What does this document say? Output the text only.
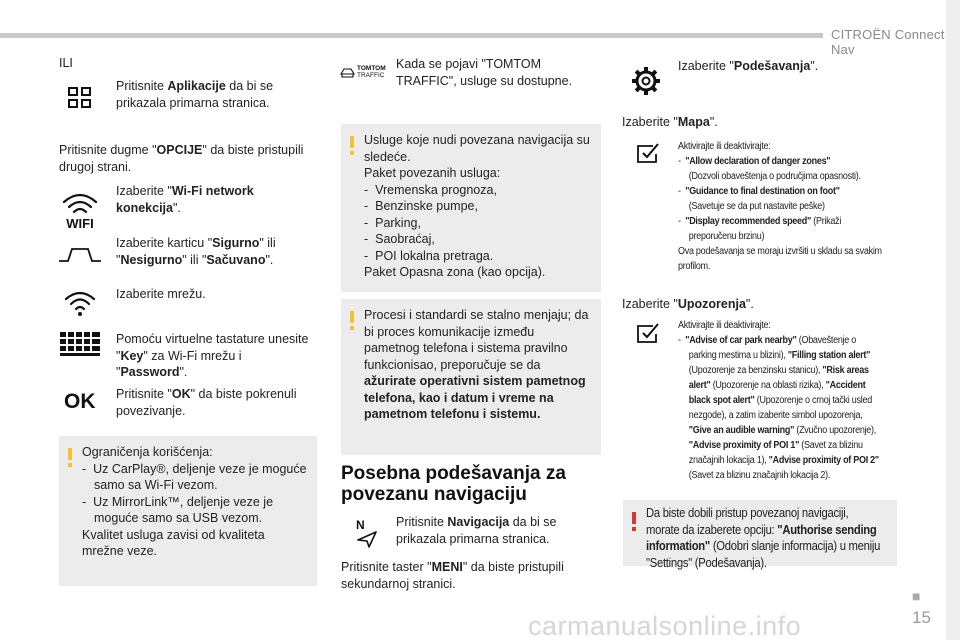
CITROËN Connect Nav
■
15
ILI
Pritisnite Aplikacije da bi se prikazala primarna stranica.
Pritisnite dugme "OPCIJE" da biste pristupili drugoj strani.
WIFI
Izaberite "Wi-Fi network konekcija".
Izaberite karticu "Sigurno" ili "Nesigurno" ili "Sačuvano".
Izaberite mrežu.
Pomoću virtuelne tastature unesite "Key" za Wi-Fi mrežu i "Password".
OK Pritisnite "OK" da biste pokrenuli povezivanje.
Ograničenja korišćenja:
-  Uz CarPlay®, deljenje veze je moguće samo sa Wi-Fi vezom.
-  Uz MirrorLink™, deljenje veze je moguće samo sa USB vezom.
Kvalitet usluga zavisi od kvaliteta mrežne veze.
TOMTOM
TRAFFIC
Kada se pojavi "TOMTOM TRAFFIC", usluge su dostupne.
Usluge koje nudi povezana navigacija su sledeće.
Paket povezanih usluga:
-  Vremenska prognoza,
-  Benzinske pumpe,
-  Parking,
-  Saobraćaj,
-  POI lokalna pretraga.
Paket Opasna zona (kao opcija).
Procesi i standardi se stalno menjaju; da bi proces komunikacije između pametnog telefona i sistema pravilno funkcionisao, preporučuje se da ažurirate operativni sistem pametnog telefona, kao i datum i vreme na pametnom telefonu i sistemu.
Posebna podešavanja za povezanu navigaciju
N	Pritisnite Navigacija da bi se prikazala primarna stranica.
Pritisnite taster "MENI" da biste pristupili sekundarnoj stranici.
Izaberite "Podešavanja".
Izaberite "Mapa".
Aktivirajte ili deaktivirajte:
-  "Allow declaration of danger zones"
(Dozvoli obaveštenja o područjima opasnosti).
-  "Guidance to final destination on foot"
(Savetuje se da put nastavite peške)
-  "Display recommended speed" (Prikaži preporučenu brzinu)
Ova podešavanja se moraju izvršiti u skladu sa svakim profilom.
Izaberite "Upozorenja".
Aktivirajte ili deaktivirajte:
-  "Advise of car park nearby" (Obaveštenje o parking mestima u blizini), "Filling station alert" (Upozorenje za benzinsku stanicu), "Risk areas alert" (Upozorenje na oblasti rizika), "Accident black spot alert" (Upozorenje o crnoj tački usled nezgode), a zatim izaberite simbol upozorenja, "Give an audible warning" (Zvučno upozorenje), "Advise proximity of POI 1" (Savet za blizinu značajnih lokacija 1), "Advise proximity of POI 2" (Savet za blizinu značajnih lokacija 2).
Da biste dobili pristup povezanoj navigaciji, morate da izaberete opciju: "Authorise sending information" (Odobri slanje informacija) u meniju "Settings" (Podešavanja).
carmanualsonline.info
